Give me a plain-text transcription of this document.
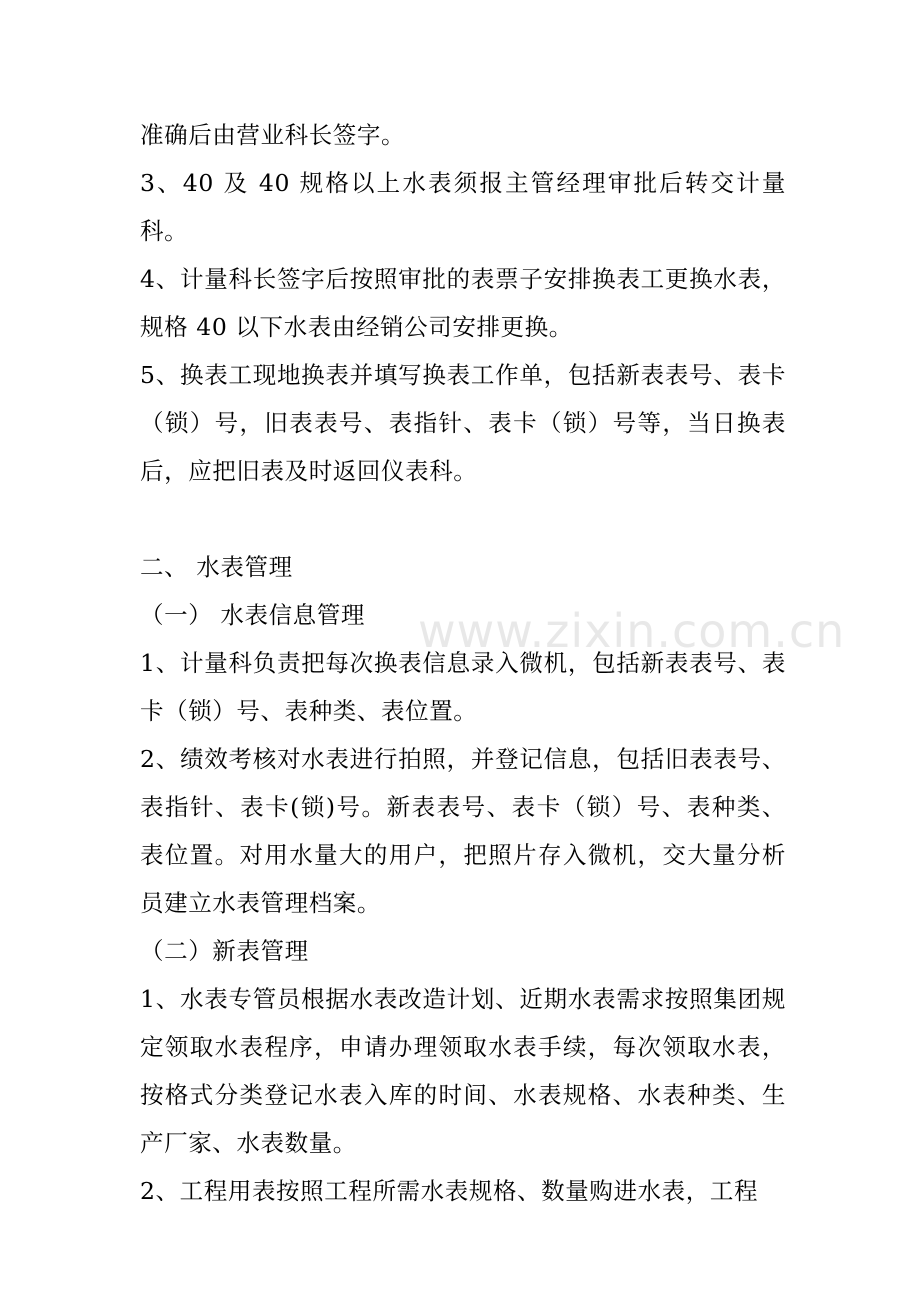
准确后由营业科长签字。

3、40 及 40 规格以上水表须报主管经理审批后转交计量科。

4、计量科长签字后按照审批的表票子安排换表工更换水表，规格 40 以下水表由经销公司安排更换。

5、换表工现地换表并填写换表工作单，包括新表表号、表卡（锁）号，旧表表号、表指针、表卡（锁）号等，当日换表后，应把旧表及时返回仪表科。

二、 水表管理

（一） 水表信息管理

1、计量科负责把每次换表信息录入微机，包括新表表号、表卡（锁）号、表种类、表位置。

2、绩效考核对水表进行拍照，并登记信息，包括旧表表号、表指针、表卡(锁)号。新表表号、表卡（锁）号、表种类、表位置。对用水量大的用户，把照片存入微机，交大量分析员建立水表管理档案。

（二）新表管理

1、水表专管员根据水表改造计划、近期水表需求按照集团规定领取水表程序，申请办理领取水表手续，每次领取水表，按格式分类登记水表入库的时间、水表规格、水表种类、生产厂家、水表数量。

2、工程用表按照工程所需水表规格、数量购进水表，工程

www.zixin.com.cn
